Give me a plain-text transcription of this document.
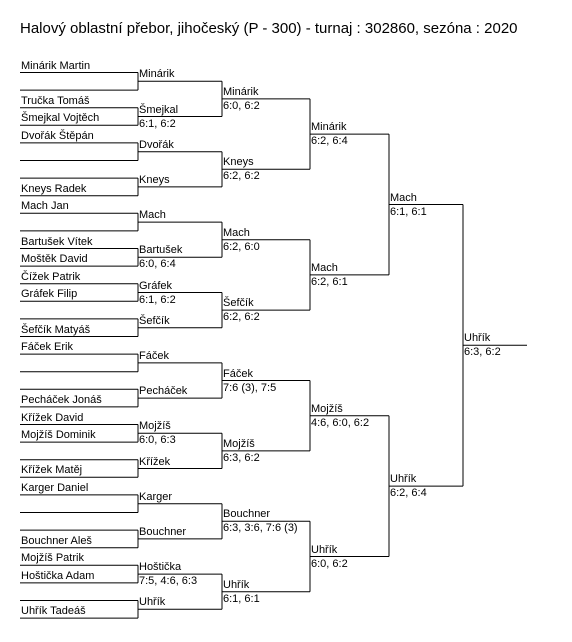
Halový oblastní přebor, jihočeský (P - 300) - turnaj : 302860, sezóna : 2020
Minárik Martin
Tručka Tomáš
Šmejkal Vojtěch
Dvořák Štěpán
Kneys Radek
Mach Jan
Bartušek Vítek
Moštěk David
Čížek Patrik
Gráfek Filip
Šefčík Matyáš
Fáček Erik
Pecháček Jonáš
Křížek David
Mojžíš Dominik
Křížek Matěj
Karger Daniel
Bouchner Aleš
Mojžíš Patrik
Hoštička Adam
Uhřík Tadeáš
Minárik
Šmejkal
6:1, 6:2
Dvořák
Kneys
Mach
Bartušek
6:0, 6:4
Gráfek
6:1, 6:2
Šefčík
Fáček
Pecháček
Mojžíš
6:0, 6:3
Křížek
Karger
Bouchner
Hoštička
7:5, 4:6, 6:3
Uhřík
Minárik
6:0, 6:2
Kneys
6:2, 6:2
Mach
6:2, 6:0
Šefčík
6:2, 6:2
Fáček
7:6 (3), 7:5
Mojžíš
6:3, 6:2
Bouchner
6:3, 3:6, 7:6 (3)
Uhřík
6:1, 6:1
Minárik
6:2, 6:4
Mach
6:2, 6:1
Mojžíš
4:6, 6:0, 6:2
Uhřík
6:0, 6:2
Mach
6:1, 6:1
Uhřík
6:2, 6:4
Uhřík
6:3, 6:2
